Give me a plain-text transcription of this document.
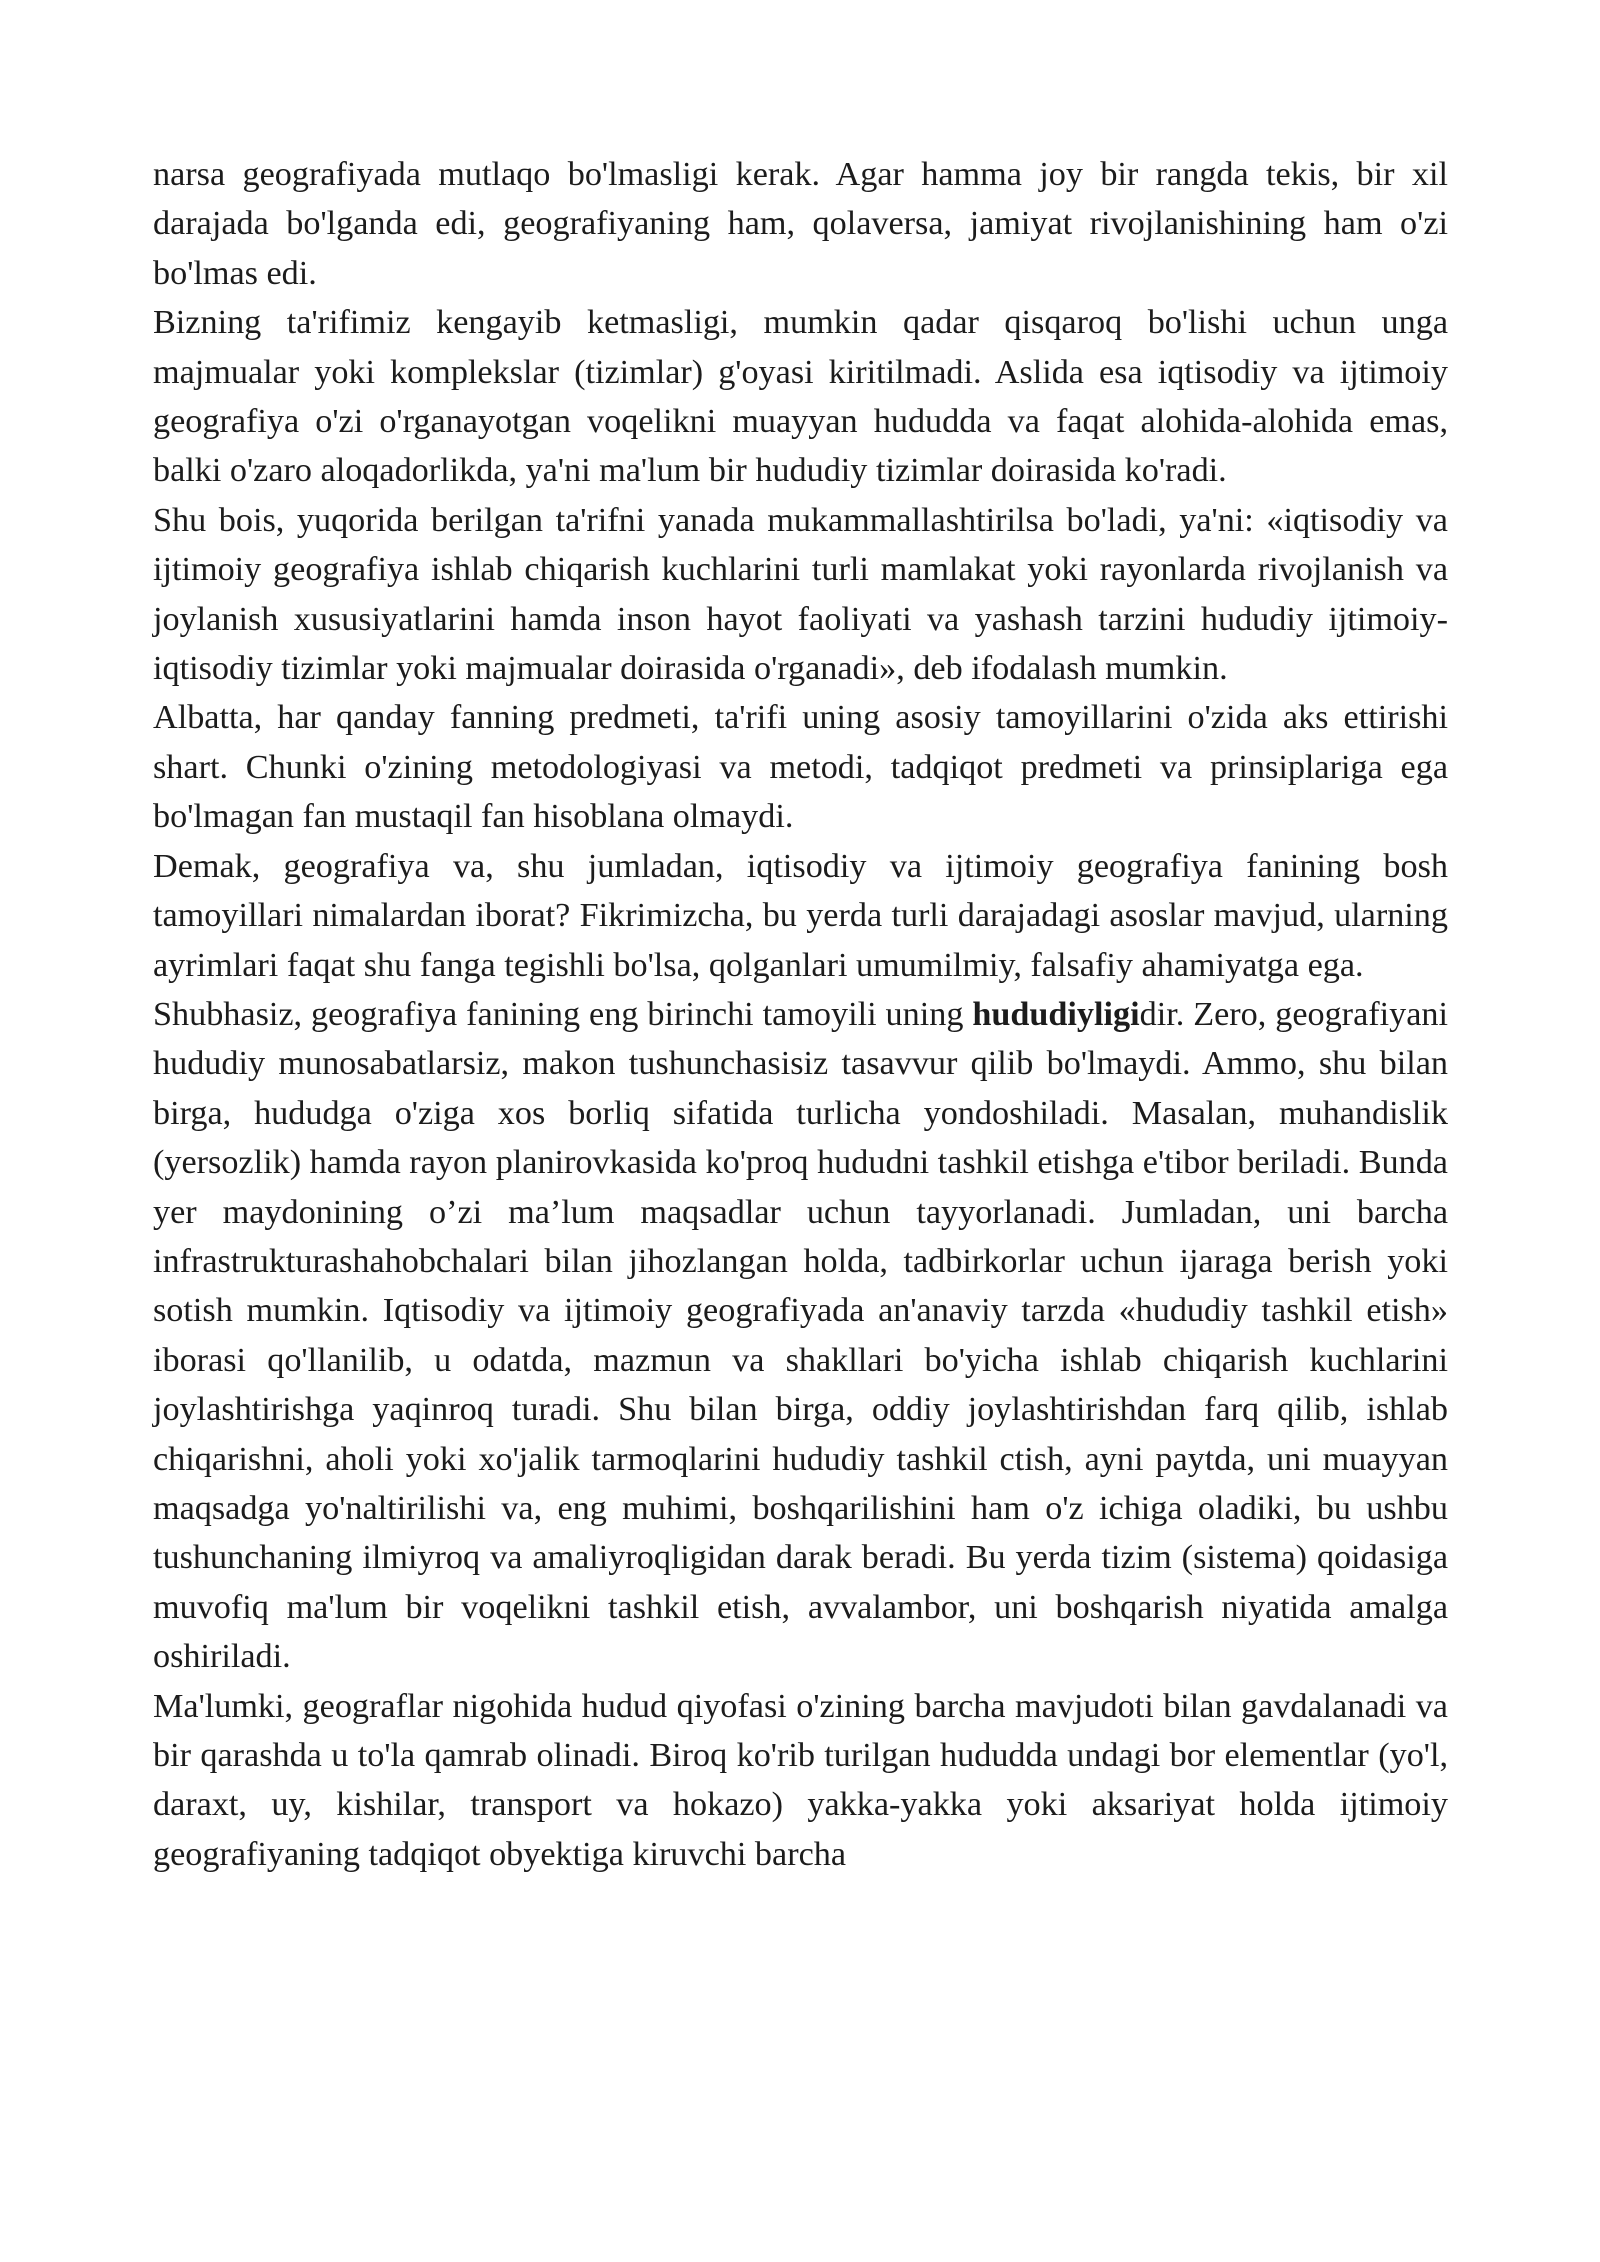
narsa geografiyada mutlaqo bo'lmasligi kerak. Agar hamma joy bir rangda tekis, bir xil darajada bo'lganda edi, geografiyaning ham, qolaversa, jamiyat rivojlanishining ham o'zi bo'lmas edi.

Bizning ta'rifimiz kengayib ketmasligi, mumkin qadar qisqaroq bo'lishi uchun unga majmualar yoki komplekslar (tizimlar) g'oyasi kiritilmadi. Aslida esa iqtisodiy va ijtimoiy geografiya o'zi o'rganayotgan voqelikni muayyan hududda va faqat alohida-alohida emas, balki o'zaro aloqadorlikda, ya'ni ma'lum bir hududiy tizimlar doirasida ko'radi.

Shu bois, yuqorida berilgan ta'rifni yanada mukammallashtirilsa bo'ladi, ya'ni: «iqtisodiy va ijtimoiy geografiya ishlab chiqarish kuchlarini turli mamlakat yoki rayonlarda rivojlanish va joylanish xususiyatlarini hamda inson hayot faoliyati va yashash tarzini hududiy ijtimoiy-iqtisodiy tizimlar yoki majmualar doirasida o'rganadi», deb ifodalash mumkin.

Albatta, har qanday fanning predmeti, ta'rifi uning asosiy tamoyillarini o'zida aks ettirishi shart. Chunki o'zining metodologiyasi va metodi, tadqiqot predmeti va prinsiplariga ega bo'lmagan fan mustaqil fan hisoblana olmaydi.

Demak, geografiya va, shu jumladan, iqtisodiy va ijtimoiy geografiya fanining bosh tamoyillari nimalardan iborat? Fikrimizcha, bu yerda turli darajadagi asoslar mavjud, ularning ayrimlari faqat shu fanga tegishli bo'lsa, qolganlari umumilmiy, falsafiy ahamiyatga ega.

Shubhasiz, geografiya fanining eng birinchi tamoyili uning hududiyligidir. Zero, geografiyani hududiy munosabatlarsiz, makon tushunchasisiz tasavvur qilib bo'lmaydi. Ammo, shu bilan birga, hududga o'ziga xos borliq sifatida turlicha yondoshiladi. Masalan, muhandislik (yersozlik) hamda rayon planirovkasida ko'proq hududni tashkil etishga e'tibor beriladi. Bunda yer maydonining o’zi ma’lum maqsadlar uchun tayyorlanadi. Jumladan, uni barcha infrastrukturashahobchalari bilan jihozlangan holda, tadbirkorlar uchun ijaraga berish yoki sotish mumkin. Iqtisodiy va ijtimoiy geografiyada an'anaviy tarzda «hududiy tashkil etish» iborasi qo'llanilib, u odatda, mazmun va shakllari bo'yicha ishlab chiqarish kuchlarini joylashtirishga yaqinroq turadi. Shu bilan birga, oddiy joylashtirishdan farq qilib, ishlab chiqarishni, aholi yoki xo'jalik tarmoqlarini hududiy tashkil ctish, ayni paytda, uni muayyan maqsadga yo'naltirilishi va, eng muhimi, boshqarilishini ham o'z ichiga oladiki, bu ushbu tushunchaning ilmiyroq va amaliyroqligidan darak beradi. Bu yerda tizim (sistema) qoidasiga muvofiq ma'lum bir voqelikni tashkil etish, avvalambor, uni boshqarish niyatida amalga oshiriladi.

Ma'lumki, geograflar nigohida hudud qiyofasi o'zining barcha mavjudoti bilan gavdalanadi va bir qarashda u to'la qamrab olinadi. Biroq ko'rib turilgan hududda undagi bor elementlar (yo'l, daraxt, uy, kishilar, transport va hokazo) yakka-yakka yoki aksariyat holda ijtimoiy geografiyaning tadqiqot obyektiga kiruvchi barcha
